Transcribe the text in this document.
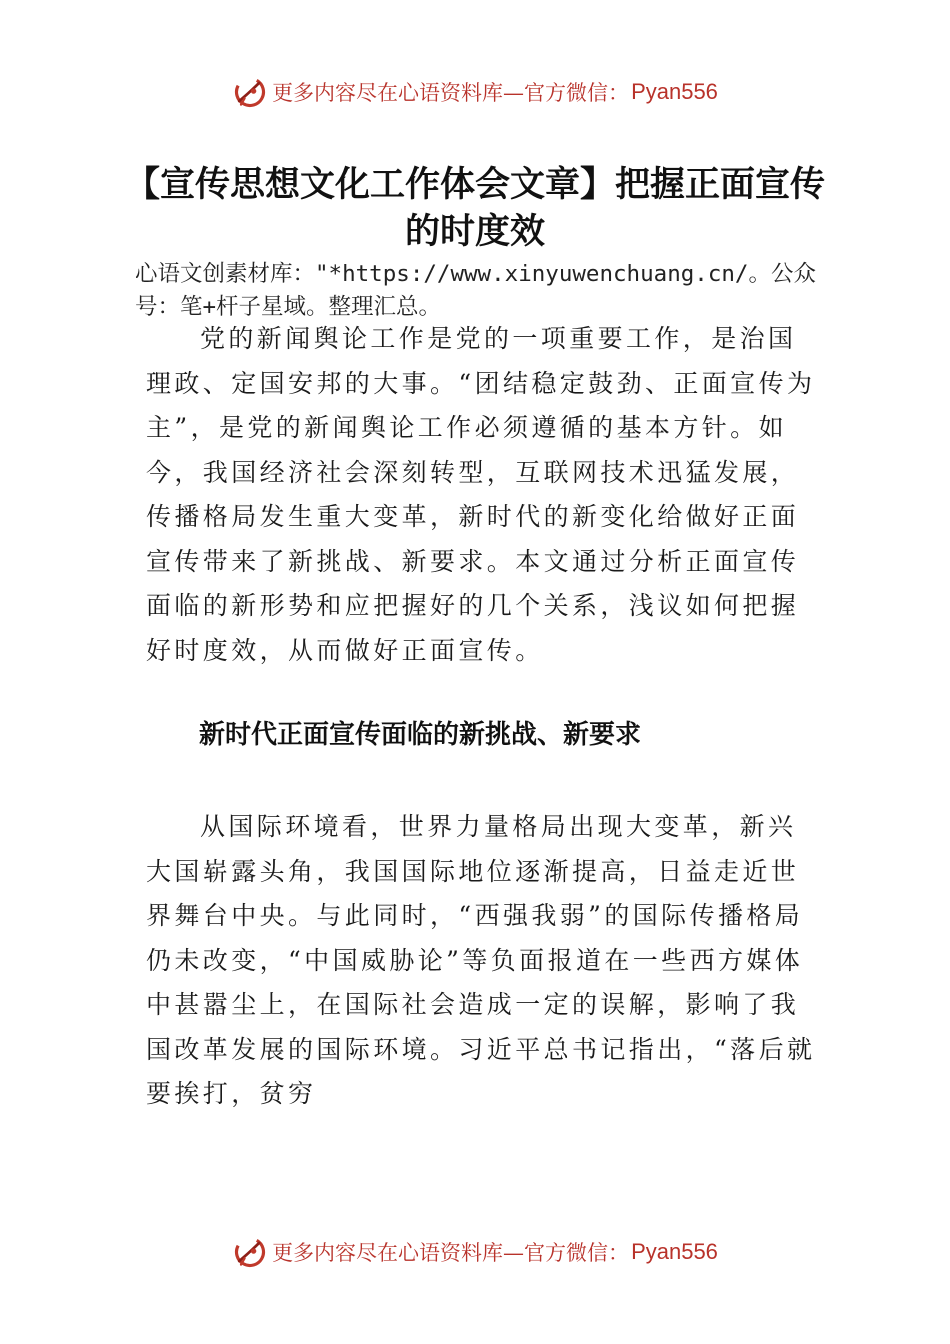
更多内容尽在心语资料库—官方微信： Pyan556
【宣传思想文化工作体会文章】把握正面宣传的时度效

心语文创素材库："*https://www.xinyuwenchuang.cn/。公众号：笔+杆子星域。整理汇总。

党的新闻舆论工作是党的一项重要工作，是治国理政、定国安邦的大事。“团结稳定鼓劲、正面宣传为主”，是党的新闻舆论工作必须遵循的基本方针。如今，我国经济社会深刻转型，互联网技术迅猛发展，传播格局发生重大变革，新时代的新变化给做好正面宣传带来了新挑战、新要求。本文通过分析正面宣传面临的新形势和应把握好的几个关系，浅议如何把握好时度效，从而做好正面宣传。

新时代正面宣传面临的新挑战、新要求

从国际环境看，世界力量格局出现大变革，新兴大国崭露头角，我国国际地位逐渐提高，日益走近世界舞台中央。与此同时，“西强我弱”的国际传播格局仍未改变，“中国威胁论”等负面报道在一些西方媒体中甚嚣尘上，在国际社会造成一定的误解，影响了我国改革发展的国际环境。习近平总书记指出，“落后就要挨打，贫穷

更多内容尽在心语资料库—官方微信： Pyan556
